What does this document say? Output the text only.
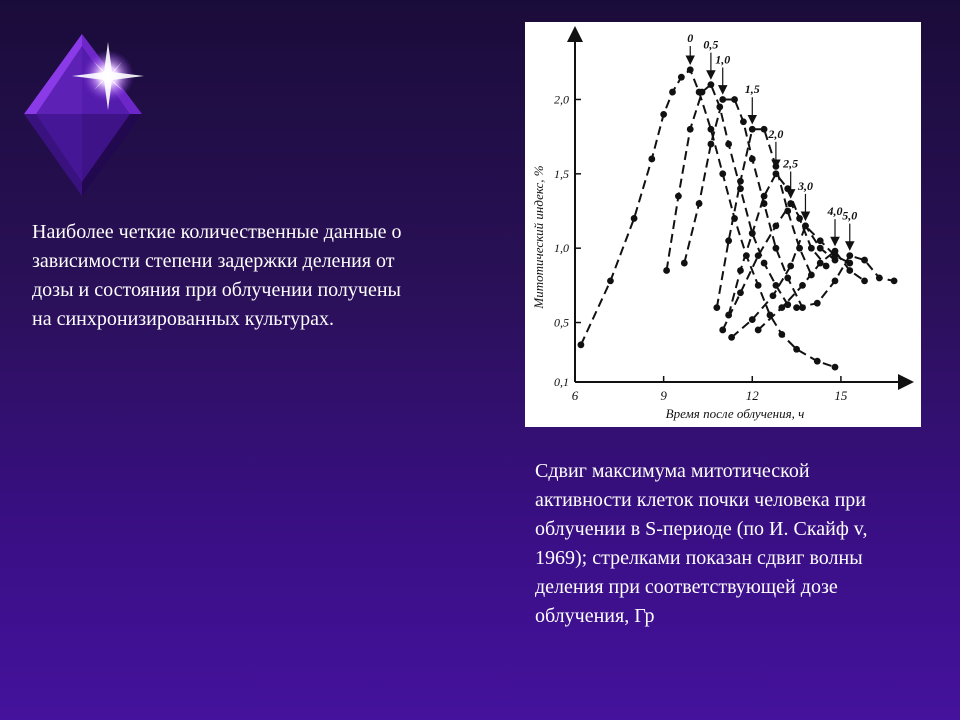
Наиболее четкие количественные данные о зависимости степени задержки деления от дозы и состояния при облучении получены на синхронизированных культурах.

6	9	12	15
0,1
0,5
1,0
1,5
2,0
0 0,5
1,0
1,5
2,0
2,5
3,0
4,0 5,0
Время после облучения, ч
Митотический индекс, %

Сдвиг максимума митотической активности клеток почки человека при облучении в S-периоде (по И. Скайф v, 1969); стрелками показан сдвиг волны деления при соответствующей дозе облучения, Гр
